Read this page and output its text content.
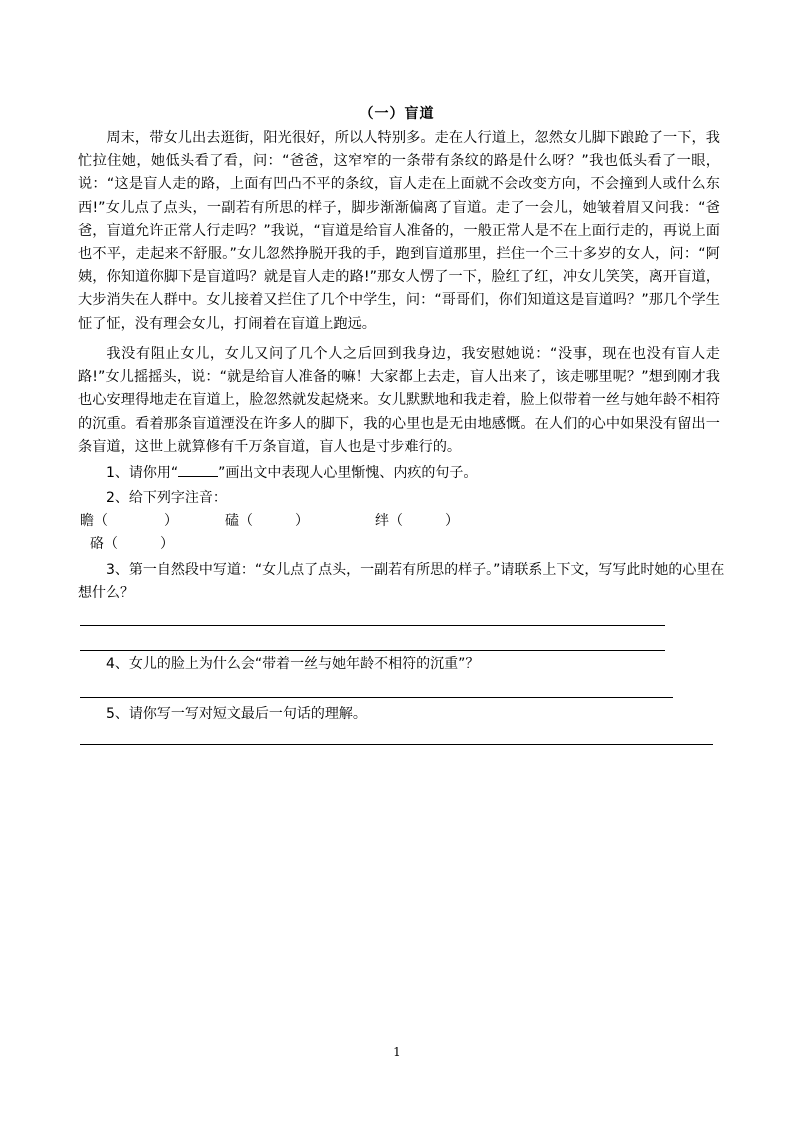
（一）盲道

周末，带女儿出去逛街，阳光很好，所以人特别多。走在人行道上，忽然女儿脚下踉跄了一下，我忙拉住她，她低头看了看，问：“爸爸，这窄窄的一条带有条纹的路是什么呀？”我也低头看了一眼，说：“这是盲人走的路，上面有凹凸不平的条纹，盲人走在上面就不会改变方向，不会撞到人或什么东西!”女儿点了点头，一副若有所思的样子，脚步渐渐偏离了盲道。走了一会儿，她皱着眉又问我：“爸爸，盲道允许正常人行走吗？”我说，“盲道是给盲人准备的，一般正常人是不在上面行走的，再说上面也不平，走起来不舒服。”女儿忽然挣脱开我的手，跑到盲道那里，拦住一个三十多岁的女人，问：“阿姨，你知道你脚下是盲道吗？就是盲人走的路!”那女人愣了一下，脸红了红，冲女儿笑笑，离开盲道，大步消失在人群中。女儿接着又拦住了几个中学生，问：“哥哥们，你们知道这是盲道吗？”那几个学生怔了怔，没有理会女儿，打闹着在盲道上跑远。

我没有阻止女儿，女儿又问了几个人之后回到我身边，我安慰她说：“没事，现在也没有盲人走路!”女儿摇摇头，说：“就是给盲人准备的嘛！大家都上去走，盲人出来了，该走哪里呢？”想到刚才我也心安理得地走在盲道上，脸忽然就发起烧来。女儿默默地和我走着，脸上似带着一丝与她年龄不相符的沉重。看着那条盲道湮没在许多人的脚下，我的心里也是无由地感慨。在人们的心中如果没有留出一条盲道，这世上就算修有千万条盲道，盲人也是寸步难行的。

1、请你用“	”画出文中表现人心里惭愧、内疚的句子。

2、给下列字注音：

瞻（　　　　）	磕（　　　）	绊（　　　）
硌（　　　）

3、第一自然段中写道：“女儿点了点头，一副若有所思的样子。”请联系上下文，写写此时她的心里在想什么？

4、女儿的脸上为什么会“带着一丝与她年龄不相符的沉重”？

5、请你写一写对短文最后一句话的理解。

1
